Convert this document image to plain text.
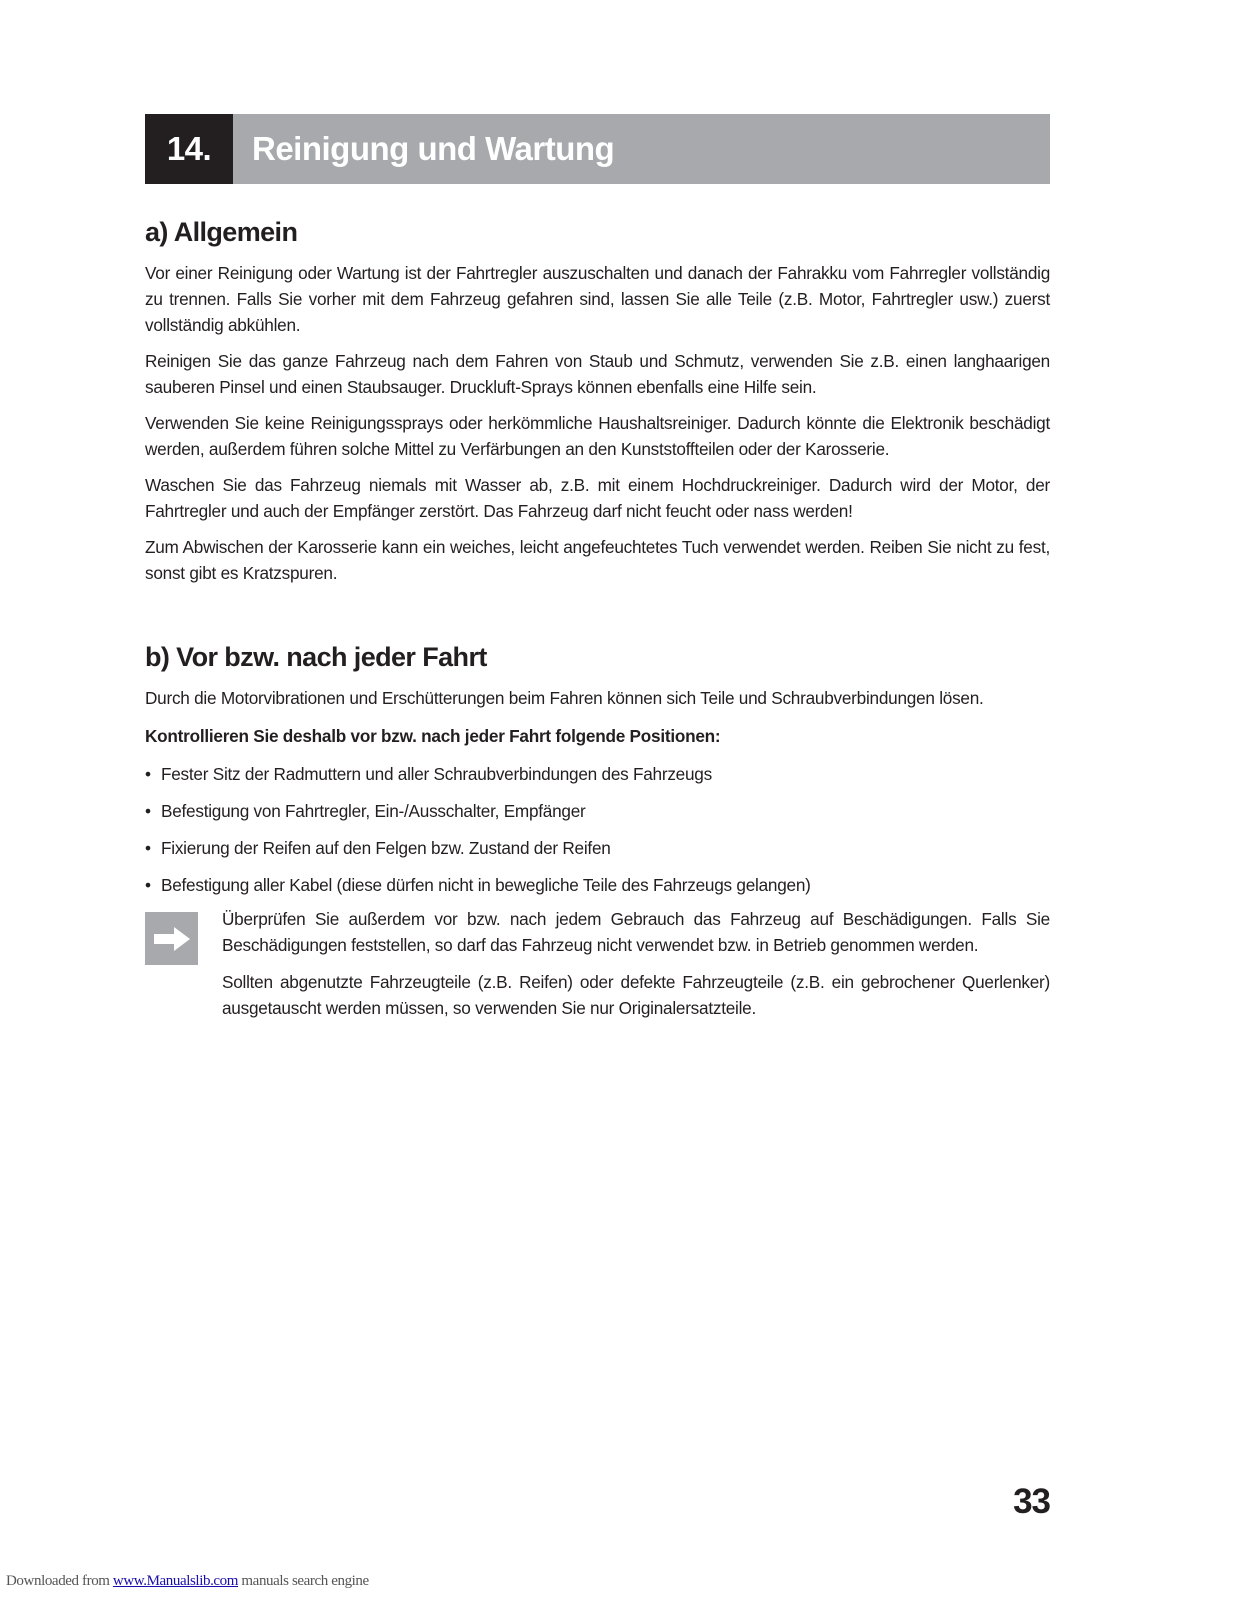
14.	Reinigung und Wartung
a) Allgemein

Vor einer Reinigung oder Wartung ist der Fahrtregler auszuschalten und danach der Fahrakku vom Fahrregler vollständig zu trennen. Falls Sie vorher mit dem Fahrzeug gefahren sind, lassen Sie alle Teile (z.B. Motor, Fahrtregler usw.) zuerst vollständig abkühlen.

Reinigen Sie das ganze Fahrzeug nach dem Fahren von Staub und Schmutz, verwenden Sie z.B. einen langhaarigen sauberen Pinsel und einen Staubsauger. Druckluft-Sprays können ebenfalls eine Hilfe sein.

Verwenden Sie keine Reinigungssprays oder herkömmliche Haushaltsreiniger. Dadurch könnte die Elektronik beschädigt werden, außerdem führen solche Mittel zu Verfärbungen an den Kunststoffteilen oder der Karosserie.

Waschen Sie das Fahrzeug niemals mit Wasser ab, z.B. mit einem Hochdruckreiniger. Dadurch wird der Motor, der Fahrtregler und auch der Empfänger zerstört. Das Fahrzeug darf nicht feucht oder nass werden!

Zum Abwischen der Karosserie kann ein weiches, leicht angefeuchtetes Tuch verwendet werden. Reiben Sie nicht zu fest, sonst gibt es Kratzspuren.

b) Vor bzw. nach jeder Fahrt

Durch die Motorvibrationen und Erschütterungen beim Fahren können sich Teile und Schraubverbindungen lösen.

Kontrollieren Sie deshalb vor bzw. nach jeder Fahrt folgende Positionen:

• Fester Sitz der Radmuttern und aller Schraubverbindungen des Fahrzeugs
• Befestigung von Fahrtregler, Ein-/Ausschalter, Empfänger
• Fixierung der Reifen auf den Felgen bzw. Zustand der Reifen
• Befestigung aller Kabel (diese dürfen nicht in bewegliche Teile des Fahrzeugs gelangen)

Überprüfen Sie außerdem vor bzw. nach jedem Gebrauch das Fahrzeug auf Beschädigungen. Falls Sie Beschädigungen feststellen, so darf das Fahrzeug nicht verwendet bzw. in Betrieb genommen werden.

Sollten abgenutzte Fahrzeugteile (z.B. Reifen) oder defekte Fahrzeugteile (z.B. ein gebrochener Querlenker) ausgetauscht werden müssen, so verwenden Sie nur Originalersatzteile.

33
Downloaded from www.Manualslib.com manuals search engine
